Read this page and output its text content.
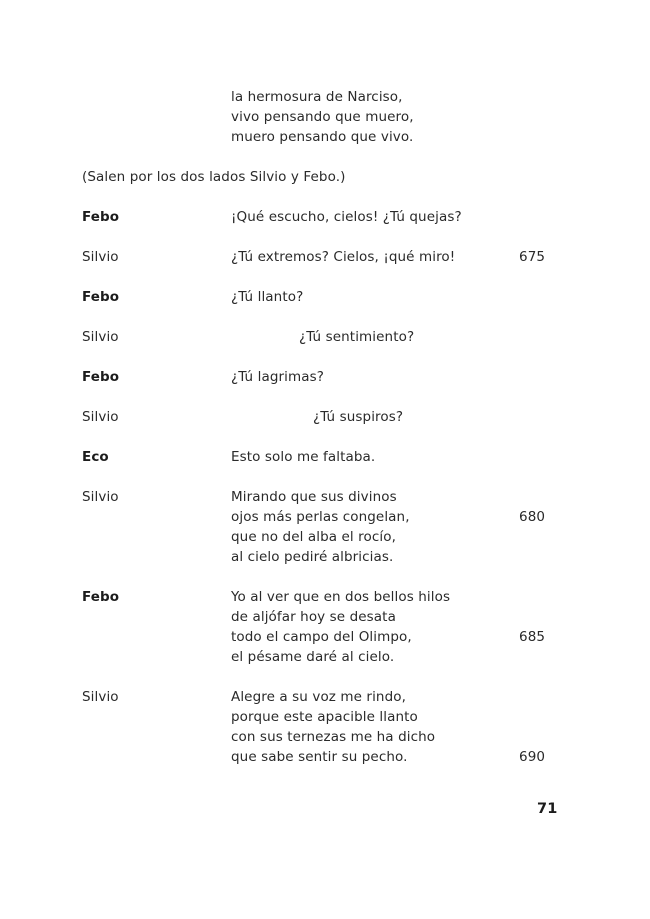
la hermosura de Narciso,
vivo pensando que muero,
muero pensando que vivo.
(Salen por los dos lados Silvio y Febo.)
Febo	¡Qué escucho, cielos! ¿Tú quejas?
Silvio	¿Tú extremos? Cielos, ¡qué miro!	675
Febo	¿Tú llanto?
Silvio	¿Tú sentimiento?
Febo	¿Tú lagrimas?
Silvio	¿Tú suspiros?
Eco	Esto solo me faltaba.
Silvio	Mirando que sus divinos
ojos más perlas congelan,	680
que no del alba el rocío,
al cielo pediré albricias.
Febo	Yo al ver que en dos bellos hilos
de aljófar hoy se desata
todo el campo del Olimpo,	685
el pésame daré al cielo.
Silvio	Alegre a su voz me rindo,
porque este apacible llanto
con sus ternezas me ha dicho
que sabe sentir su pecho.	690
71
